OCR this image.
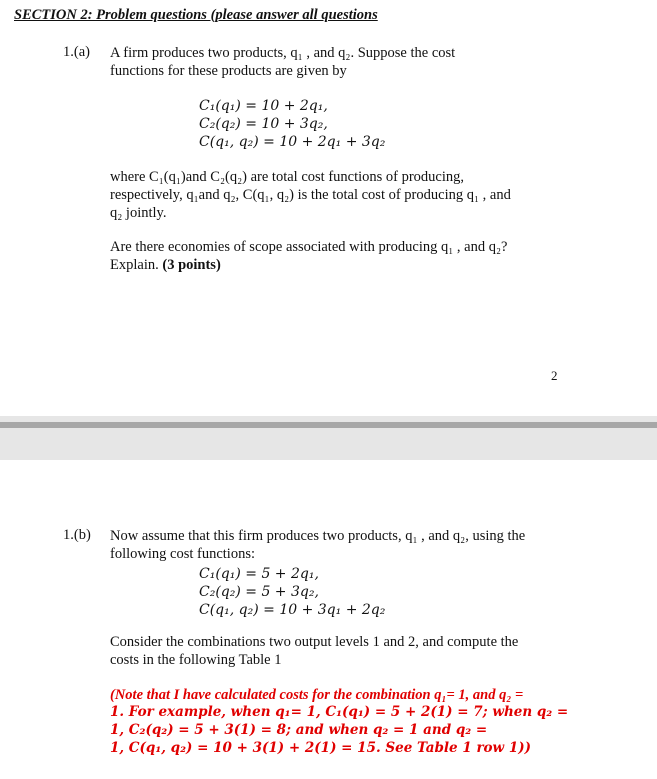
SECTION 2: Problem questions (please answer all questions
1.(a) A firm produces two products, q₁ , and q₂. Suppose the cost
functions for these products are given by
C₁(q₁) = 10 + 2q₁,
C₂(q₂) = 10 + 3q₂,
C(q₁, q₂) = 10 + 2q₁ + 3q₂
where C₁(q₁)and C₂(q₂) are total cost functions of producing,
respectively, q₁and q₂, C(q₁, q₂) is the total cost of producing q₁ , and
q₂ jointly.
Are there economies of scope associated with producing q₁ , and q₂?
Explain. (3 points)
2
1.(b) Now assume that this firm produces two products, q₁ , and q₂, using the
following cost functions:
C₁(q₁) = 5 + 2q₁,
C₂(q₂) = 5 + 3q₂,
C(q₁, q₂) = 10 + 3q₁ + 2q₂
Consider the combinations two output levels 1 and 2, and compute the
costs in the following Table 1
(Note that I have calculated costs for the combination q₁= 1, and q₂ =
1. For example, when q₁= 1, C₁(q₁) = 5 + 2(1) = 7; when q₂ =
1, C₂(q₂) = 5 + 3(1) = 8; and when q₂ = 1 and q₂ =
1, C(q₁, q₂) = 10 + 3(1) + 2(1) = 15. See Table 1 row 1))
